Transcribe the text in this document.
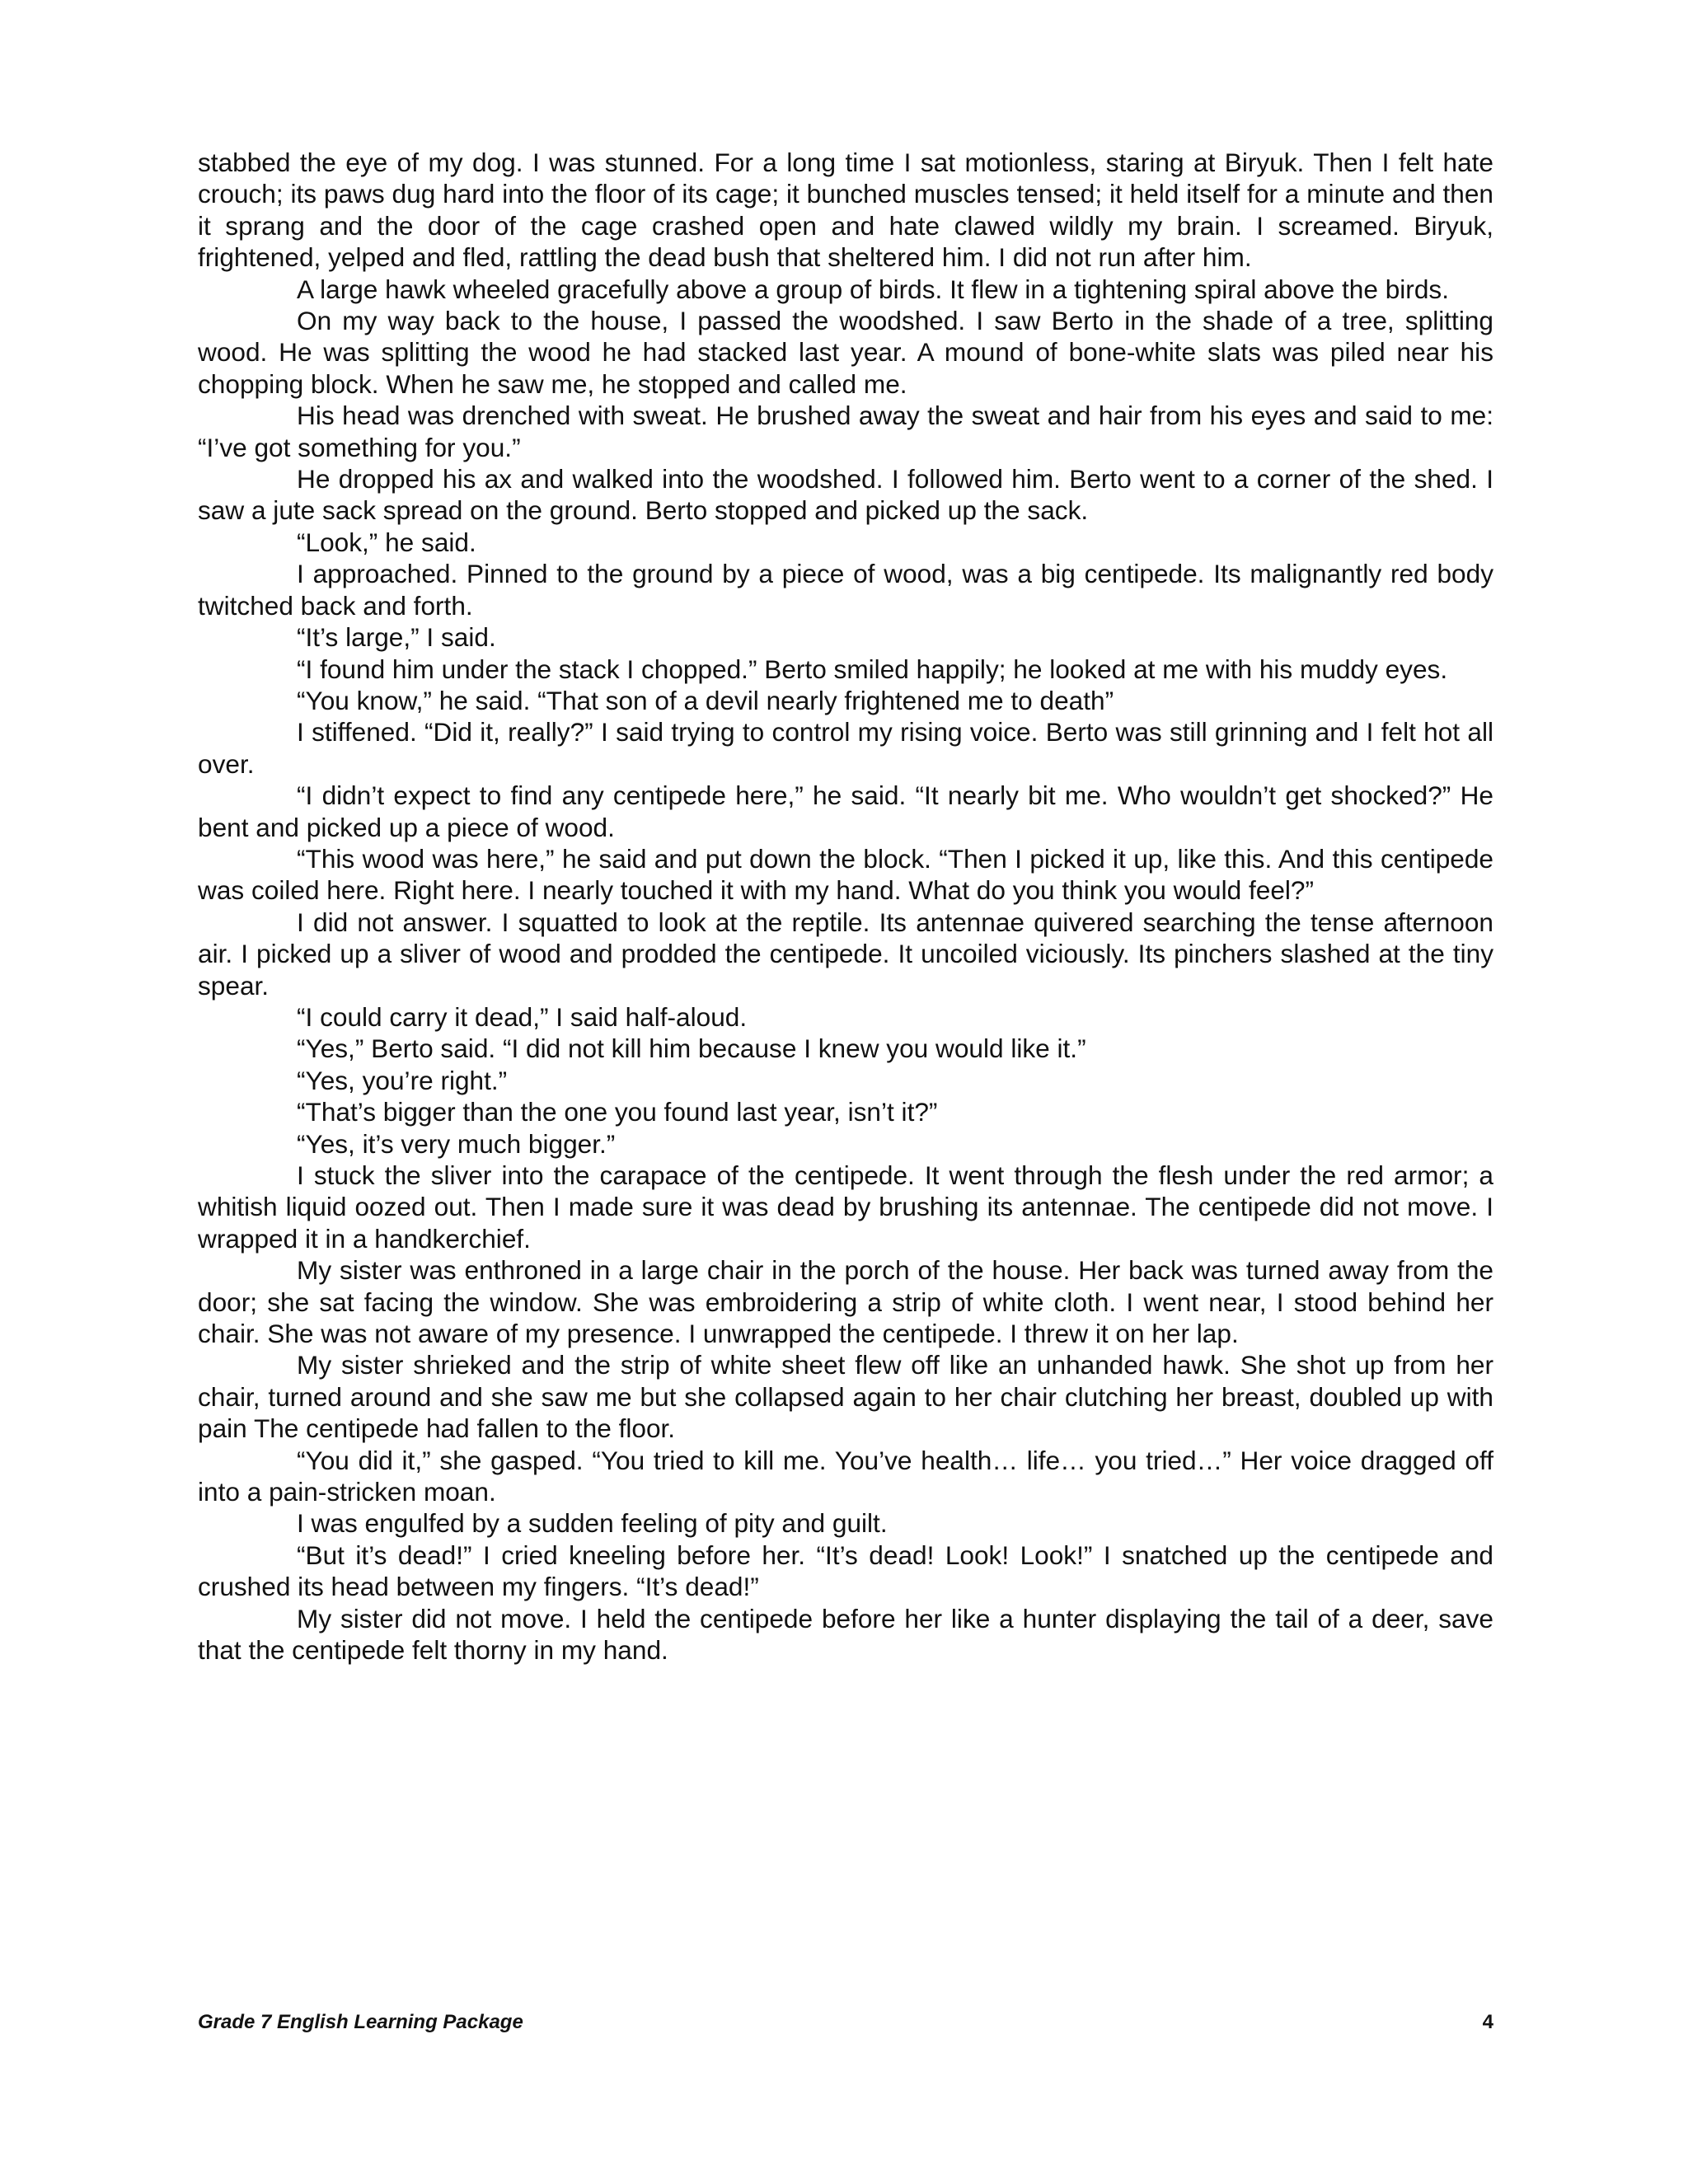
stabbed the eye of my dog. I was stunned. For a long time I sat motionless, staring at Biryuk. Then I felt hate crouch; its paws dug hard into the floor of its cage; it bunched muscles tensed; it held itself for a minute and then it sprang and the door of the cage crashed open and hate clawed wildly my brain. I screamed. Biryuk, frightened, yelped and fled, rattling the dead bush that sheltered him. I did not run after him.

A large hawk wheeled gracefully above a group of birds. It flew in a tightening spiral above the birds.

On my way back to the house, I passed the woodshed. I saw Berto in the shade of a tree, splitting wood. He was splitting the wood he had stacked last year. A mound of bone-white slats was piled near his chopping block. When he saw me, he stopped and called me.

His head was drenched with sweat. He brushed away the sweat and hair from his eyes and said to me: “I’ve got something for you.”

He dropped his ax and walked into the woodshed. I followed him. Berto went to a corner of the shed. I saw a jute sack spread on the ground. Berto stopped and picked up the sack.

“Look,” he said.

I approached. Pinned to the ground by a piece of wood, was a big centipede. Its malignantly red body twitched back and forth.

“It’s large,” I said.

“I found him under the stack I chopped.” Berto smiled happily; he looked at me with his muddy eyes.

“You know,” he said. “That son of a devil nearly frightened me to death”

I stiffened. “Did it, really?” I said trying to control my rising voice. Berto was still grinning and I felt hot all over.

“I didn’t expect to find any centipede here,” he said. “It nearly bit me. Who wouldn’t get shocked?” He bent and picked up a piece of wood.

“This wood was here,” he said and put down the block. “Then I picked it up, like this. And this centipede was coiled here. Right here. I nearly touched it with my hand. What do you think you would feel?”

I did not answer. I squatted to look at the reptile. Its antennae quivered searching the tense afternoon air. I picked up a sliver of wood and prodded the centipede. It uncoiled viciously. Its pinchers slashed at the tiny spear.

“I could carry it dead,” I said half-aloud.

“Yes,” Berto said. “I did not kill him because I knew you would like it.”

“Yes, you’re right.”

“That’s bigger than the one you found last year, isn’t it?”

“Yes, it’s very much bigger.”

I stuck the sliver into the carapace of the centipede. It went through the flesh under the red armor; a whitish liquid oozed out. Then I made sure it was dead by brushing its antennae. The centipede did not move. I wrapped it in a handkerchief.

My sister was enthroned in a large chair in the porch of the house. Her back was turned away from the door; she sat facing the window. She was embroidering a strip of white cloth. I went near, I stood behind her chair. She was not aware of my presence. I unwrapped the centipede. I threw it on her lap.

My sister shrieked and the strip of white sheet flew off like an unhanded hawk. She shot up from her chair, turned around and she saw me but she collapsed again to her chair clutching her breast, doubled up with pain The centipede had fallen to the floor.

“You did it,” she gasped. “You tried to kill me. You’ve health… life… you tried…” Her voice dragged off into a pain-stricken moan.

I was engulfed by a sudden feeling of pity and guilt.

“But it’s dead!” I cried kneeling before her. “It’s dead! Look! Look!” I snatched up the centipede and crushed its head between my fingers. “It’s dead!”

My sister did not move. I held the centipede before her like a hunter displaying the tail of a deer, save that the centipede felt thorny in my hand.

Grade 7 English Learning Package	4
